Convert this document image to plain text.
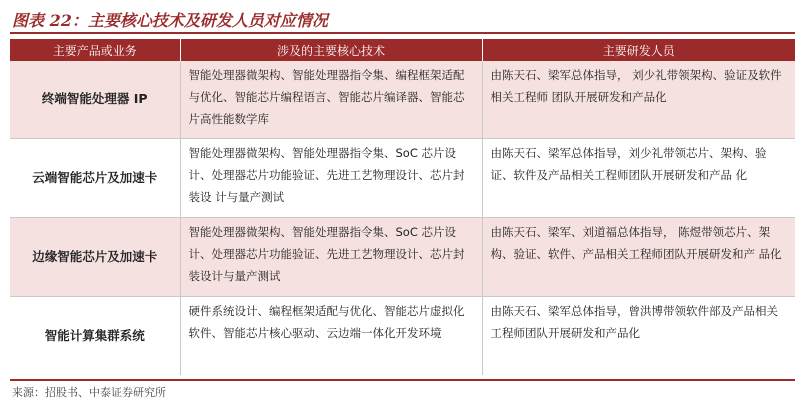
图表 22：主要核心技术及研发人员对应情况
主要产品或业务	涉及的主要核心技术	主要研发人员
终端智能处理器 IP	智能处理器微架构、智能处理器指令集、编程框架适配与优化、智能芯片编程语言、智能芯片编译器、智能芯 片高性能数学库	由陈天石、梁军总体指导， 刘少礼带领架构、验证及软件相关工程师 团队开展研发和产品化
云端智能芯片及加速卡	智能处理器微架构、智能处理器指令集、SoC 芯片设计、处理器芯片功能验证、先进工艺物理设计、芯片封装设 计与量产测试	由陈天石、梁军总体指导，刘少礼带领芯片、架构、验证、软件及产品相关工程师团队开展研发和产品 化
边缘智能芯片及加速卡	智能处理器微架构、智能处理器指令集、SoC 芯片设计、处理器芯片功能验证、先进工艺物理设计、芯片封装设计与量产测试	由陈天石、梁军、刘道福总体指导， 陈煜带领芯片、架构、验证、软件、产品相关工程师团队开展研发和产 品化
智能计算集群系统	硬件系统设计、编程框架适配与优化、智能芯片虚拟化软件、智能芯片核心驱动、云边端一体化开发环境	由陈天石、梁军总体指导，曾洪博带领软件部及产品相关工程师团队开展研发和产品化
来源：招股书、中泰证券研究所
